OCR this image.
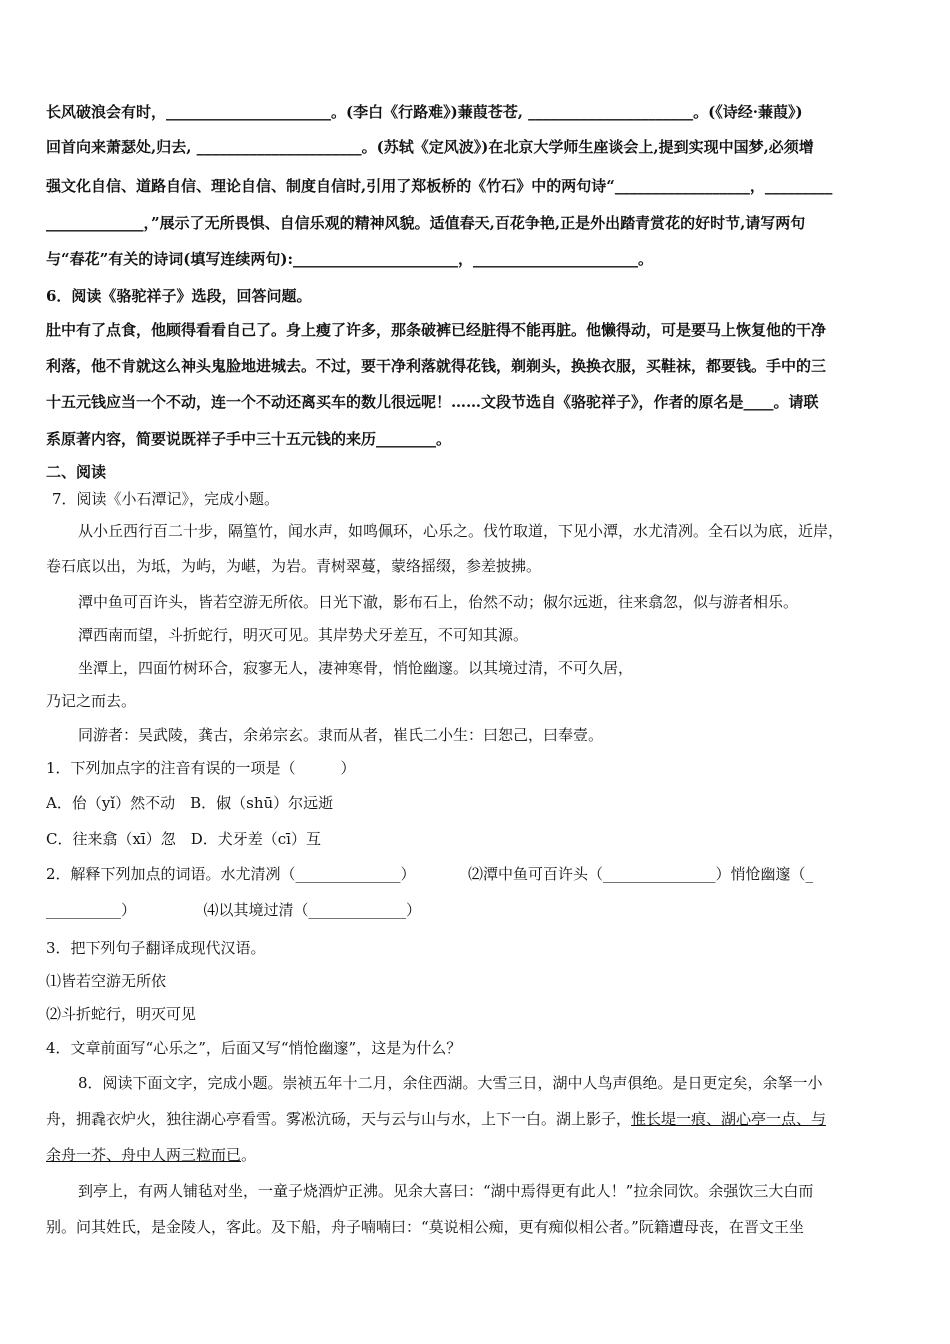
长风破浪会有时，______________________。(李白《行路难》)蒹葭苍苍, ______________________。(《诗经·蒹葭》)
回首向来萧瑟处,归去, ______________________。(苏轼《定风波》)在北京大学师生座谈会上,提到实现中国梦,必须增
强文化自信、道路自信、理论自信、制度自信时,引用了郑板桥的《竹石》中的两句诗“__________________，_________
_____________，”展示了无所畏惧、自信乐观的精神风貌。适值春天,百花争艳,正是外出踏青赏花的好时节,请写两句
与“春花”有关的诗词(填写连续两句):______________________，______________________。
6．阅读《骆驼祥子》选段，回答问题。
肚中有了点食，他顾得看看自己了。身上瘦了许多，那条破裤已经脏得不能再脏。他懒得动，可是要马上恢复他的干净
利落，他不肯就这么神头鬼脸地进城去。不过，要干净利落就得花钱，剃剃头，换换衣服，买鞋袜，都要钱。手中的三
十五元钱应当一个不动，连一个不动还离买车的数儿很远呢！……文段节选自《骆驼祥子》，作者的原名是____。请联
系原著内容，简要说既祥子手中三十五元钱的来历________。
二、阅读
7．阅读《小石潭记》，完成小题。
从小丘西行百二十步，隔篁竹，闻水声，如鸣佩环，心乐之。伐竹取道，下见小潭，水尤清冽。全石以为底，近岸，
卷石底以出，为坻，为屿，为嵁，为岩。青树翠蔓，蒙络摇缀，参差披拂。
潭中鱼可百许头，皆若空游无所依。日光下澈，影布石上，佁然不动；俶尔远逝，往来翕忽，似与游者相乐。
潭西南而望，斗折蛇行，明灭可见。其岸势犬牙差互，不可知其源。
坐潭上，四面竹树环合，寂寥无人，凄神寒骨，悄怆幽邃。以其境过清，不可久居，
乃记之而去。
同游者：吴武陵，龚古，余弟宗玄。隶而从者，崔氏二小生：曰恕己，曰奉壹。
1．下列加点字的注音有误的一项是（　　　）
A．佁（yǐ）然不动　B．俶（shū）尔远逝
C．往来翕（xī）忽　D．犬牙差（cī）互
2．解释下列加点的词语。水尤清冽（______________）　　　　⑵潭中鱼可百许头（_______________）悄怆幽邃（_
__________）　　　　　⑷以其境过清（_____________）
3．把下列句子翻译成现代汉语。
⑴皆若空游无所依
⑵斗折蛇行，明灭可见
4．文章前面写“心乐之”，后面又写“悄怆幽邃”，这是为什么？
8．阅读下面文字，完成小题。崇祯五年十二月，余住西湖。大雪三日，湖中人鸟声俱绝。是日更定矣，余拏一小
舟，拥毳衣炉火，独往湖心亭看雪。雾凇沆砀，天与云与山与水，上下一白。湖上影子，惟长堤一痕、湖心亭一点、与
余舟一芥、舟中人两三粒而已。
到亭上，有两人铺毡对坐，一童子烧酒炉正沸。见余大喜曰：“湖中焉得更有此人！”拉余同饮。余强饮三大白而
别。问其姓氏，是金陵人，客此。及下船，舟子喃喃曰：“莫说相公痴，更有痴似相公者。”阮籍遭母丧，在晋文王坐
